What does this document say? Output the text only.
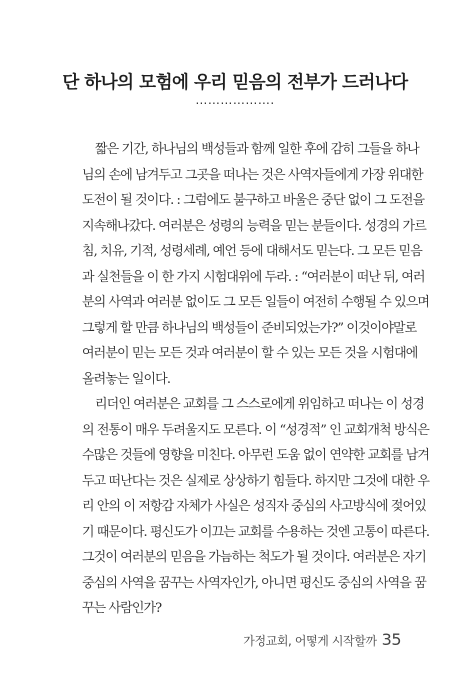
단 하나의 모험에 우리 믿음의 전부가 드러나다
……………….
짧은 기간, 하나님의 백성들과 함께 일한 후에 감히 그들을 하나
님의 손에 남겨두고 그곳을 떠나는 것은 사역자들에게 가장 위대한
도전이 될 것이다. : 그럼에도 불구하고 바울은 중단 없이 그 도전을
지속해나갔다. 여러분은 성령의 능력을 믿는 분들이다. 성경의 가르
침, 치유, 기적, 성령세례, 예언 등에 대해서도 믿는다. 그 모든 믿음
과 실천들을 이 한 가지 시험대위에 두라. : “여러분이 떠난 뒤, 여러
분의 사역과 여러분 없이도 그 모든 일들이 여전히 수행될 수 있으며
그렇게 할 만큼 하나님의 백성들이 준비되었는가?” 이것이야말로
여러분이 믿는 모든 것과 여러분이 할 수 있는 모든 것을 시험대에
올려놓는 일이다.
리더인 여러분은 교회를 그 스스로에게 위임하고 떠나는 이 성경
의 전통이 매우 두려울지도 모른다. 이 “성경적” 인 교회개척 방식은
수많은 것들에 영향을 미친다. 아무런 도움 없이 연약한 교회를 남겨
두고 떠난다는 것은 실제로 상상하기 힘들다. 하지만 그것에 대한 우
리 안의 이 저항감 자체가 사실은 성직자 중심의 사고방식에 젖어있
기 때문이다. 평신도가 이끄는 교회를 수용하는 것엔 고통이 따른다.
그것이 여러분의 믿음을 가늠하는 척도가 될 것이다. 여러분은 자기
중심의 사역을 꿈꾸는 사역자인가, 아니면 평신도 중심의 사역을 꿈
꾸는 사람인가?
가정교회, 어떻게 시작할까 35
